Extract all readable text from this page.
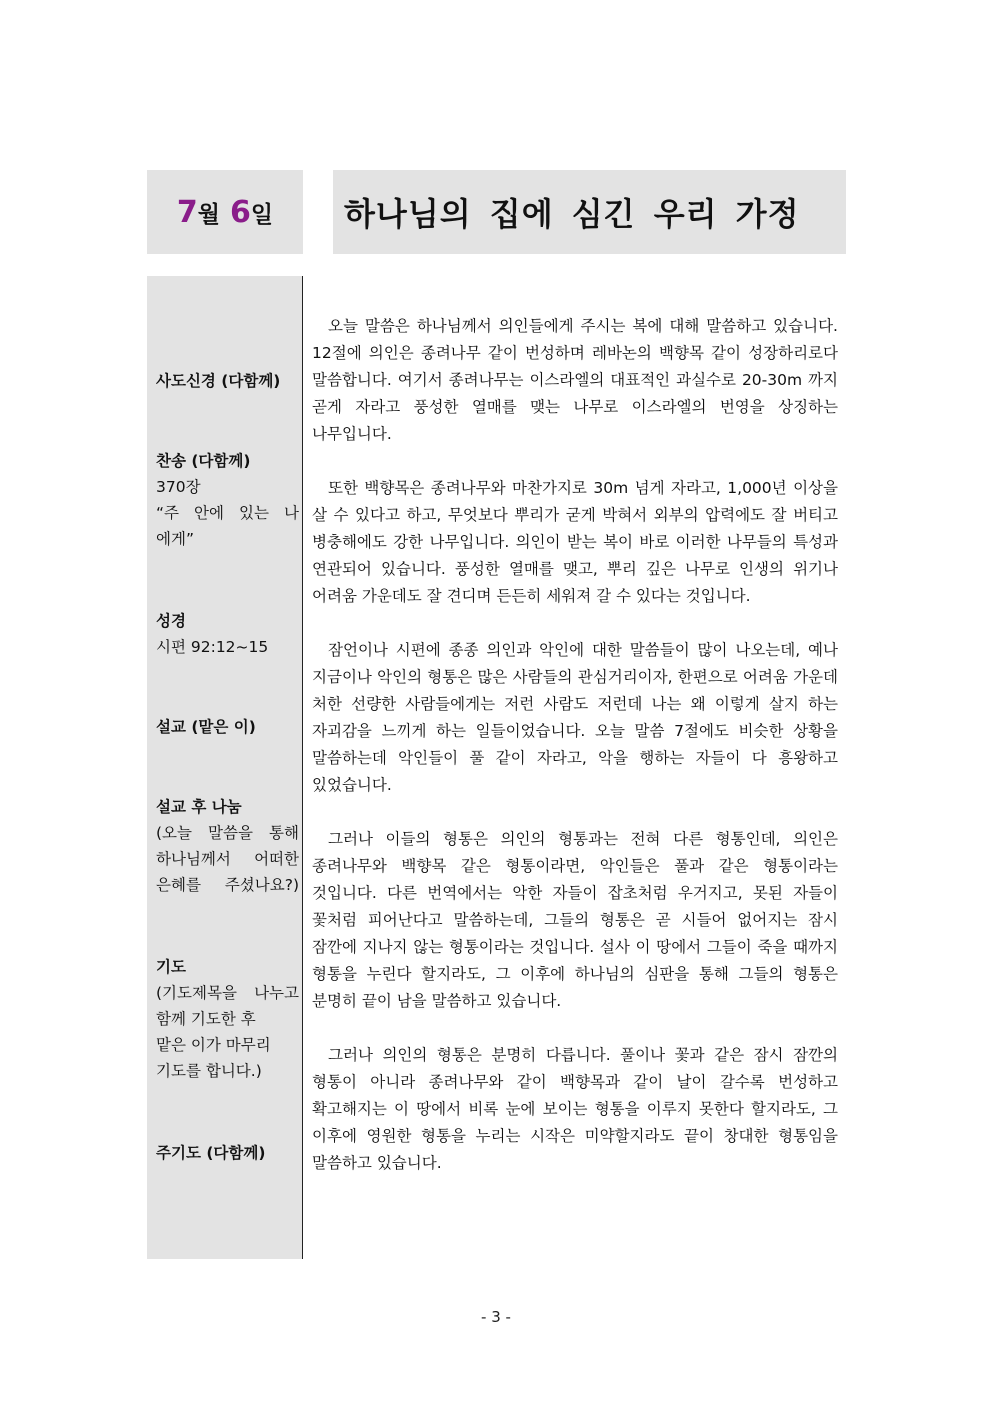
7 월 6 일	하나님의 집에 심긴 우리 가정
사도신경 (다함께)
찬송 (다함께)
370장
“주 안에 있는 나
에게”
성경
시편 92:12~15
설교 (맡은 이)
설교 후 나눔
(오늘 말씀을 통해
하나님께서 어떠한
은혜를 주셨나요?)
기도
(기도제목을 나누고
함께 기도한 후
맡은 이가 마무리
기도를 합니다.)
주기도 (다함께)

오늘 말씀은 하나님께서 의인들에게 주시는 복에 대해 말씀하고 있습니다. 12절에 의인은 종려나무 같이 번성하며 레바논의 백향목 같이 성장하리로다 말씀합니다. 여기서 종려나무는 이스라엘의 대표적인 과실수로 20-30m 까지 곧게 자라고 풍성한 열매를 맺는 나무로 이스라엘의 번영을 상징하는 나무입니다.

또한 백향목은 종려나무와 마찬가지로 30m 넘게 자라고, 1,000년 이상을 살 수 있다고 하고, 무엇보다 뿌리가 굳게 박혀서 외부의 압력에도 잘 버티고 병충해에도 강한 나무입니다. 의인이 받는 복이 바로 이러한 나무들의 특성과 연관되어 있습니다. 풍성한 열매를 맺고, 뿌리 깊은 나무로 인생의 위기나 어려움 가운데도 잘 견디며 든든히 세워져 갈 수 있다는 것입니다.

잠언이나 시편에 종종 의인과 악인에 대한 말씀들이 많이 나오는데, 예나 지금이나 악인의 형통은 많은 사람들의 관심거리이자, 한편으로 어려움 가운데 처한 선량한 사람들에게는 저런 사람도 저런데 나는 왜 이렇게 살지 하는 자괴감을 느끼게 하는 일들이었습니다. 오늘 말씀 7절에도 비슷한 상황을 말씀하는데 악인들이 풀 같이 자라고, 악을 행하는 자들이 다 흥왕하고 있었습니다.

그러나 이들의 형통은 의인의 형통과는 전혀 다른 형통인데, 의인은 종려나무와 백향목 같은 형통이라면, 악인들은 풀과 같은 형통이라는 것입니다. 다른 번역에서는 악한 자들이 잡초처럼 우거지고, 못된 자들이 꽃처럼 피어난다고 말씀하는데, 그들의 형통은 곧 시들어 없어지는 잠시 잠깐에 지나지 않는 형통이라는 것입니다. 설사 이 땅에서 그들이 죽을 때까지 형통을 누린다 할지라도, 그 이후에 하나님의 심판을 통해 그들의 형통은 분명히 끝이 남을 말씀하고 있습니다.

그러나 의인의 형통은 분명히 다릅니다. 풀이나 꽃과 같은 잠시 잠깐의 형통이 아니라 종려나무와 같이 백향목과 같이 날이 갈수록 번성하고 확고해지는 이 땅에서 비록 눈에 보이는 형통을 이루지 못한다 할지라도, 그 이후에 영원한 형통을 누리는 시작은 미약할지라도 끝이 창대한 형통임을 말씀하고 있습니다.

- 3 -
